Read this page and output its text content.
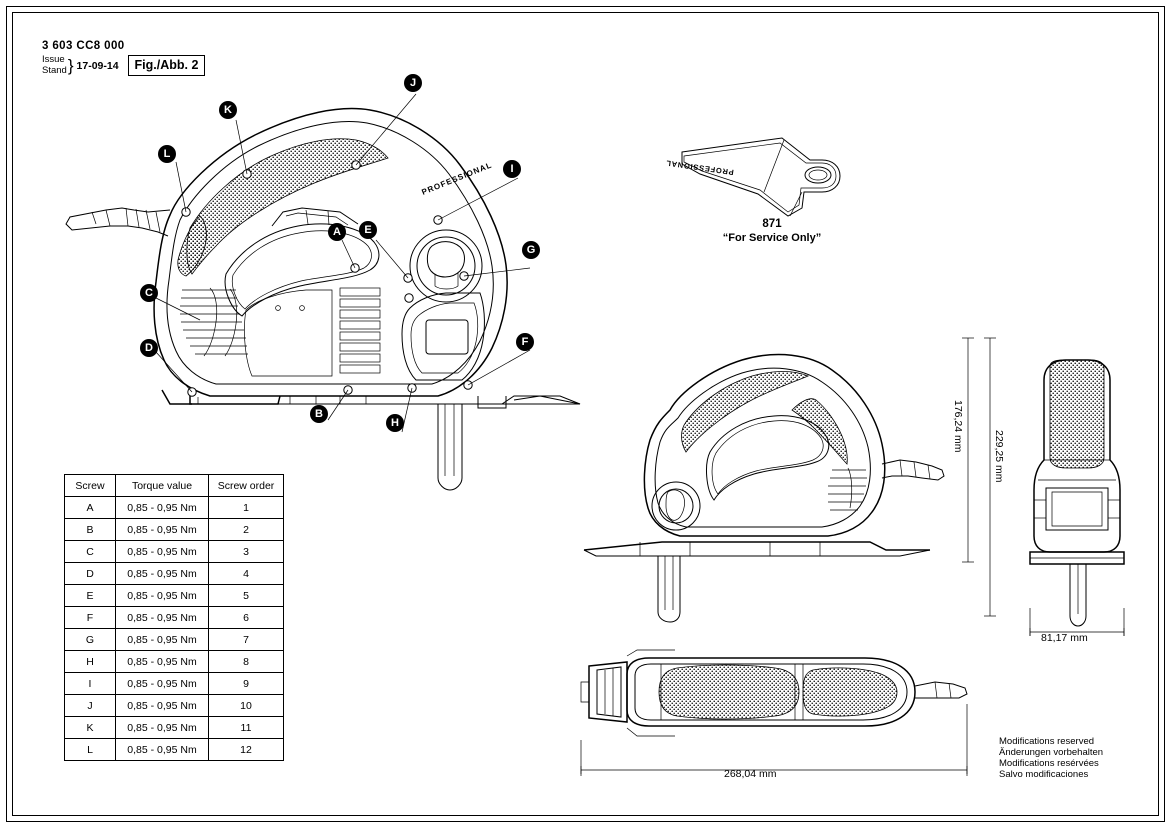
3 603 CC8 000
Issue
Stand } 17-09-14	Fig./Abb. 2
PROFESSIONAL
J
K
L
I
A	E
G
C
D	F
B
H
Screw	Torque value	Screw order
A	0,85 - 0,95 Nm	1
B	0,85 - 0,95 Nm	2
C	0,85 - 0,95 Nm	3
D	0,85 - 0,95 Nm	4
E	0,85 - 0,95 Nm	5
F	0,85 - 0,95 Nm	6
G	0,85 - 0,95 Nm	7
H	0,85 - 0,95 Nm	8
I	0,85 - 0,95 Nm	9
J	0,85 - 0,95 Nm	10
K	0,85 - 0,95 Nm	11
L	0,85 - 0,95 Nm	12
PROFESSIONAL
871
“For Service Only”
176,24 mm
229,25 mm
81,17 mm
268,04 mm
Modifications reserved
Änderungen vorbehalten
Modifications resérvées
Salvo modificaciones
